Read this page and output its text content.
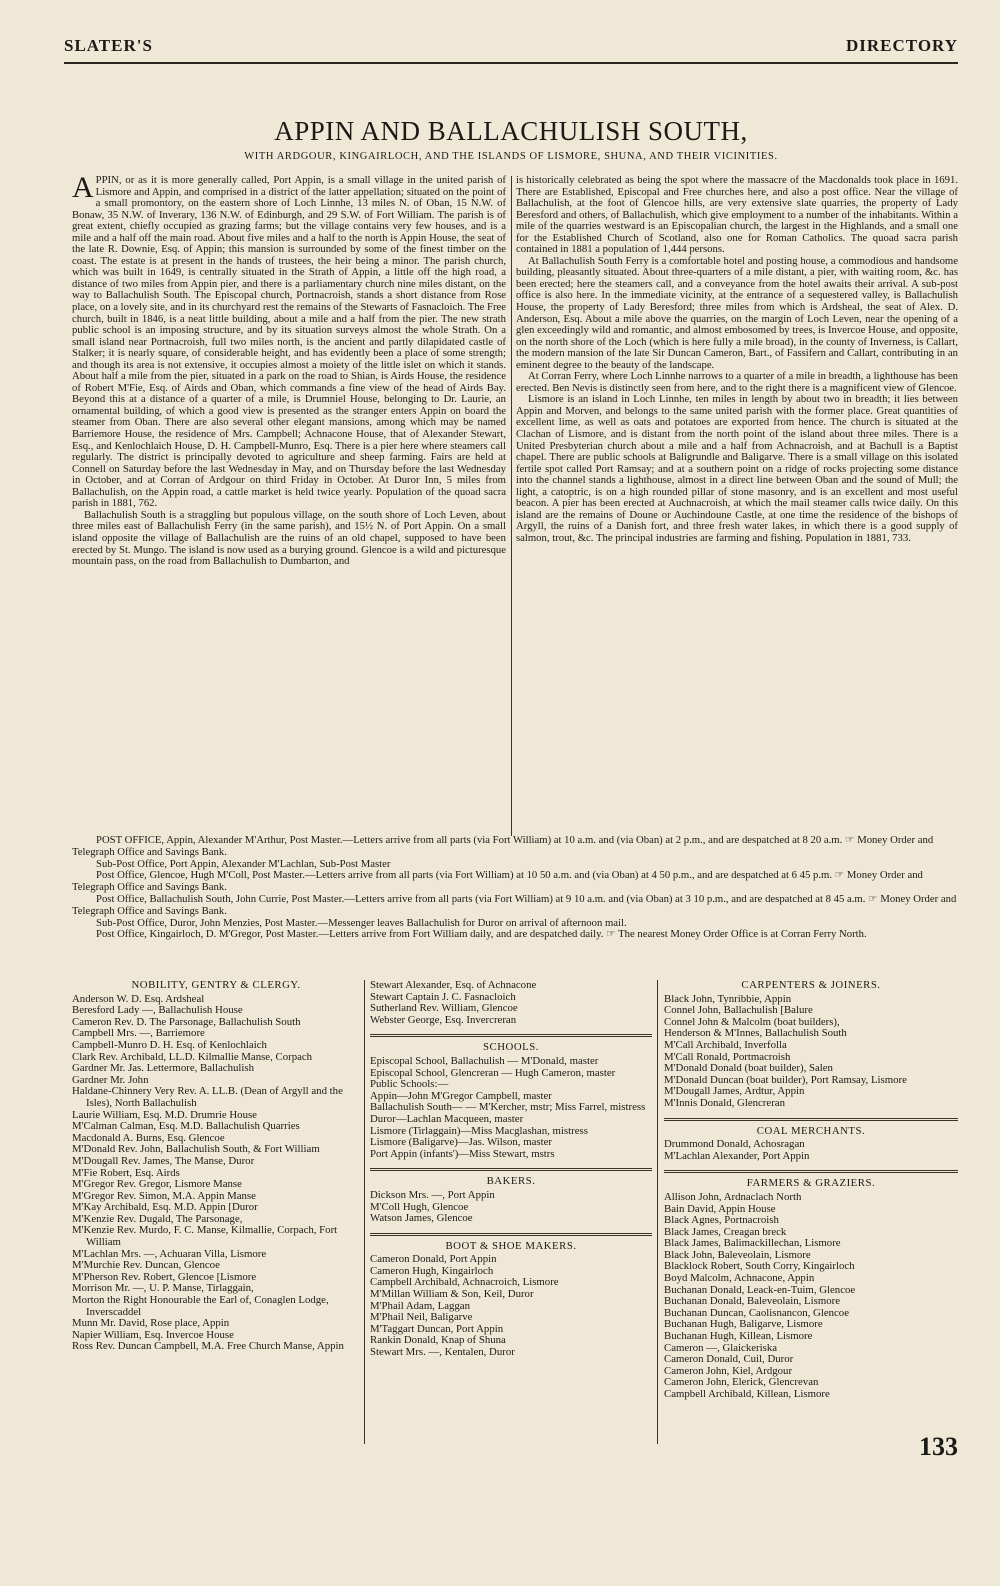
SLATER'S	DIRECTORY
APPIN AND BALLACHULISH SOUTH,
WITH ARDGOUR, KINGAIRLOCH, AND THE ISLANDS OF LISMORE, SHUNA, AND THEIR VICINITIES.

APPIN, or as it is more generally called, Port Appin, is a small village in the united parish of Lismore and Appin, and comprised in a district of the latter appellation; situated on the point of a small promontory, on the eastern shore of Loch Linnhe, 13 miles N. of Oban, 15 N.W. of Bonaw, 35 N.W. of Inverary, 136 N.W. of Edinburgh, and 29 S.W. of Fort William. The parish is of great extent, chiefly occupied as grazing farms; but the village contains very few houses, and is a mile and a half off the main road. About five miles and a half to the north is Appin House, the seat of the late R. Downie, Esq. of Appin; this mansion is surrounded by some of the finest timber on the coast. The estate is at present in the hands of trustees, the heir being a minor. The parish church, which was built in 1649, is centrally situated in the Strath of Appin, a little off the high road, a distance of two miles from Appin pier, and there is a parliamentary church nine miles distant, on the way to Ballachulish South. The Episcopal church, Portnacroish, stands a short distance from Rose place, on a lovely site, and in its churchyard rest the remains of the Stewarts of Fasnacloich. The Free church, built in 1846, is a neat little building, about a mile and a half from the pier. The new strath public school is an imposing structure, and by its situation surveys almost the whole Strath. On a small island near Portnacroish, full two miles north, is the ancient and partly dilapidated castle of Stalker; it is nearly square, of considerable height, and has evidently been a place of some strength; and though its area is not extensive, it occupies almost a moiety of the little islet on which it stands. About half a mile from the pier, situated in a park on the road to Shian, is Airds House, the residence of Robert M'Fie, Esq. of Airds and Oban, which commands a fine view of the head of Airds Bay. Beyond this at a distance of a quarter of a mile, is Drumniel House, belonging to Dr. Laurie, an ornamental building, of which a good view is presented as the stranger enters Appin on board the steamer from Oban. There are also several other elegant mansions, among which may be named Barriemore House, the residence of Mrs. Campbell; Achnacone House, that of Alexander Stewart, Esq., and Kenlochlaich House, D. H. Campbell-Munro, Esq. There is a pier here where steamers call regularly. The district is principally devoted to agriculture and sheep farming. Fairs are held at Connell on Saturday before the last Wednesday in May, and on Thursday before the last Wednesday in October, and at Corran of Ardgour on third Friday in October. At Duror Inn, 5 miles from Ballachulish, on the Appin road, a cattle market is held twice yearly. Population of the quoad sacra parish in 1881, 762.

Ballachulish South is a straggling but populous village, on the south shore of Loch Leven, about three miles east of Ballachulish Ferry (in the same parish), and 15½ N. of Port Appin. On a small island opposite the village of Ballachulish are the ruins of an old chapel, supposed to have been erected by St. Mungo. The island is now used as a burying ground. Glencoe is a wild and picturesque mountain pass, on the road from Ballachulish to Dumbarton, and

is historically celebrated as being the spot where the massacre of the Macdonalds took place in 1691. There are Established, Episcopal and Free churches here, and also a post office. Near the village of Ballachulish, at the foot of Glencoe hills, are very extensive slate quarries, the property of Lady Beresford and others, of Ballachulish, which give employment to a number of the inhabitants. Within a mile of the quarries westward is an Episcopalian church, the largest in the Highlands, and a small one for the Established Church of Scotland, also one for Roman Catholics. The quoad sacra parish contained in 1881 a population of 1,444 persons.

At Ballachulish South Ferry is a comfortable hotel and posting house, a commodious and handsome building, pleasantly situated. About three-quarters of a mile distant, a pier, with waiting room, &c. has been erected; here the steamers call, and a conveyance from the hotel awaits their arrival. A sub-post office is also here. In the immediate vicinity, at the entrance of a sequestered valley, is Ballachulish House, the property of Lady Beresford; three miles from which is Ardsheal, the seat of Alex. D. Anderson, Esq. About a mile above the quarries, on the margin of Loch Leven, near the opening of a glen exceedingly wild and romantic, and almost embosomed by trees, is Invercoe House, and opposite, on the north shore of the Loch (which is here fully a mile broad), in the county of Inverness, is Callart, the modern mansion of the late Sir Duncan Cameron, Bart., of Fassifern and Callart, contributing in an eminent degree to the beauty of the landscape.

At Corran Ferry, where Loch Linnhe narrows to a quarter of a mile in breadth, a lighthouse has been erected. Ben Nevis is distinctly seen from here, and to the right there is a magnificent view of Glencoe.

Lismore is an island in Loch Linnhe, ten miles in length by about two in breadth; it lies between Appin and Morven, and belongs to the same united parish with the former place. Great quantities of excellent lime, as well as oats and potatoes are exported from hence. The church is situated at the Clachan of Lismore, and is distant from the north point of the island about three miles. There is a United Presbyterian church about a mile and a half from Achnacroish, and at Bachull is a Baptist chapel. There are public schools at Baligrundle and Baligarve. There is a small village on this isolated fertile spot called Port Ramsay; and at a southern point on a ridge of rocks projecting some distance into the channel stands a lighthouse, almost in a direct line between Oban and the sound of Mull; the light, a catoptric, is on a high rounded pillar of stone masonry, and is an excellent and most useful beacon. A pier has been erected at Auchnacroish, at which the mail steamer calls twice daily. On this island are the remains of Doune or Auchindoune Castle, at one time the residence of the bishops of Argyll, the ruins of a Danish fort, and three fresh water lakes, in which there is a good supply of salmon, trout, &c. The principal industries are farming and fishing. Population in 1881, 733.

POST OFFICE, Appin, Alexander M'Arthur, Post Master.—Letters arrive from all parts (via Fort William) at 10 a.m. and (via Oban) at 2 p.m., and are despatched at 8 20 a.m. ☞ Money Order and Telegraph Office and Savings Bank.

Sub-Post Office, Port Appin, Alexander M'Lachlan, Sub-Post Master

Post Office, Glencoe, Hugh M'Coll, Post Master.—Letters arrive from all parts (via Fort William) at 10 50 a.m. and (via Oban) at 4 50 p.m., and are despatched at 6 45 p.m. ☞ Money Order and Telegraph Office and Savings Bank.

Post Office, Ballachulish South, John Currie, Post Master.—Letters arrive from all parts (via Fort William) at 9 10 a.m. and (via Oban) at 3 10 p.m., and are despatched at 8 45 a.m. ☞ Money Order and Telegraph Office and Savings Bank.

Sub-Post Office, Duror, John Menzies, Post Master.—Messenger leaves Ballachulish for Duror on arrival of afternoon mail.

Post Office, Kingairloch, D. M'Gregor, Post Master.—Letters arrive from Fort William daily, and are despatched daily. ☞ The nearest Money Order Office is at Corran Ferry North.

NOBILITY, GENTRY & CLERGY.
Anderson W. D. Esq. Ardsheal
Beresford Lady —, Ballachulish House
Cameron Rev. D. The Parsonage, Ballachulish South
Campbell Mrs. —, Barriemore
Campbell-Munro D. H. Esq. of Kenlochlaich
Clark Rev. Archibald, LL.D. Kilmallie Manse, Corpach
Gardner Mr. Jas. Lettermore, Ballachulish
Gardner Mr. John
Haldane-Chinnery Very Rev. A. LL.B. (Dean of Argyll and the Isles), North Ballachulish
Laurie William, Esq. M.D. Drumrie House
M'Calman Calman, Esq. M.D. Ballachulish Quarries
Macdonald A. Burns, Esq. Glencoe
M'Donald Rev. John, Ballachulish South, & Fort William
M'Dougall Rev. James, The Manse, Duror
M'Fie Robert, Esq. Airds
M'Gregor Rev. Gregor, Lismore Manse
M'Gregor Rev. Simon, M.A. Appin Manse
M'Kay Archibald, Esq. M.D. Appin [Duror
M'Kenzie Rev. Dugald, The Parsonage,
M'Kenzie Rev. Murdo, F. C. Manse, Kilmallie, Corpach, Fort William
M'Lachlan Mrs. —, Achuaran Villa, Lismore
M'Murchie Rev. Duncan, Glencoe
M'Pherson Rev. Robert, Glencoe [Lismore
Morrison Mr. —, U. P. Manse, Tirlaggain,
Morton the Right Honourable the Earl of, Conaglen Lodge, Inverscaddel
Munn Mr. David, Rose place, Appin
Napier William, Esq. Invercoe House
Ross Rev. Duncan Campbell, M.A. Free Church Manse, Appin
Stewart Alexander, Esq. of Achnacone
Stewart Captain J. C. Fasnacloich
Sutherland Rev. William, Glencoe
Webster George, Esq. Invercreran
SCHOOLS.
Episcopal School, Ballachulish — M'Donald, master
Episcopal School, Glencreran — Hugh Cameron, master
Public Schools:—
Appin—John M'Gregor Campbell, master
Ballachulish South— — M'Kercher, mstr; Miss Farrel, mistress
Duror—Lachlan Macqueen, master
Lismore (Tirlaggain)—Miss Macglashan, mistress
Lismore (Baligarve)—Jas. Wilson, master
Port Appin (infants')—Miss Stewart, mstrs
BAKERS.
Dickson Mrs. —, Port Appin
M'Coll Hugh, Glencoe
Watson James, Glencoe
BOOT & SHOE MAKERS.
Cameron Donald, Port Appin
Cameron Hugh, Kingairloch
Campbell Archibald, Achnacroich, Lismore
M'Millan William & Son, Keil, Duror
M'Phail Adam, Laggan
M'Phail Neil, Baligarve
M'Taggart Duncan, Port Appin
Rankin Donald, Knap of Shuna
Stewart Mrs. —, Kentalen, Duror
CARPENTERS & JOINERS.
Black John, Tynribbie, Appin
Connel John, Ballachulish [Balure
Connel John & Malcolm (boat builders),
Henderson & M'Innes, Ballachulish South
M'Call Archibald, Inverfolla
M'Call Ronald, Portmacroish
M'Donald Donald (boat builder), Salen
M'Donald Duncan (boat builder), Port Ramsay, Lismore
M'Dougall James, Ardtur, Appin
M'Innis Donald, Glencreran
COAL MERCHANTS.
Drummond Donald, Achosragan
M'Lachlan Alexander, Port Appin
FARMERS & GRAZIERS.
Allison John, Ardnaclach North
Bain David, Appin House
Black Agnes, Portnacroish
Black James, Creagan breck
Black James, Balimackillechan, Lismore
Black John, Baleveolain, Lismore
Blacklock Robert, South Corry, Kingairloch
Boyd Malcolm, Achnacone, Appin
Buchanan Donald, Leack-en-Tuim, Glencoe
Buchanan Donald, Baleveolain, Lismore
Buchanan Duncan, Caolisnancon, Glencoe
Buchanan Hugh, Baligarve, Lismore
Buchanan Hugh, Killean, Lismore
Cameron —, Glaickeriska
Cameron Donald, Cuil, Duror
Cameron John, Kiel, Ardgour
Cameron John, Elerick, Glencrevan
Campbell Archibald, Killean, Lismore
133
